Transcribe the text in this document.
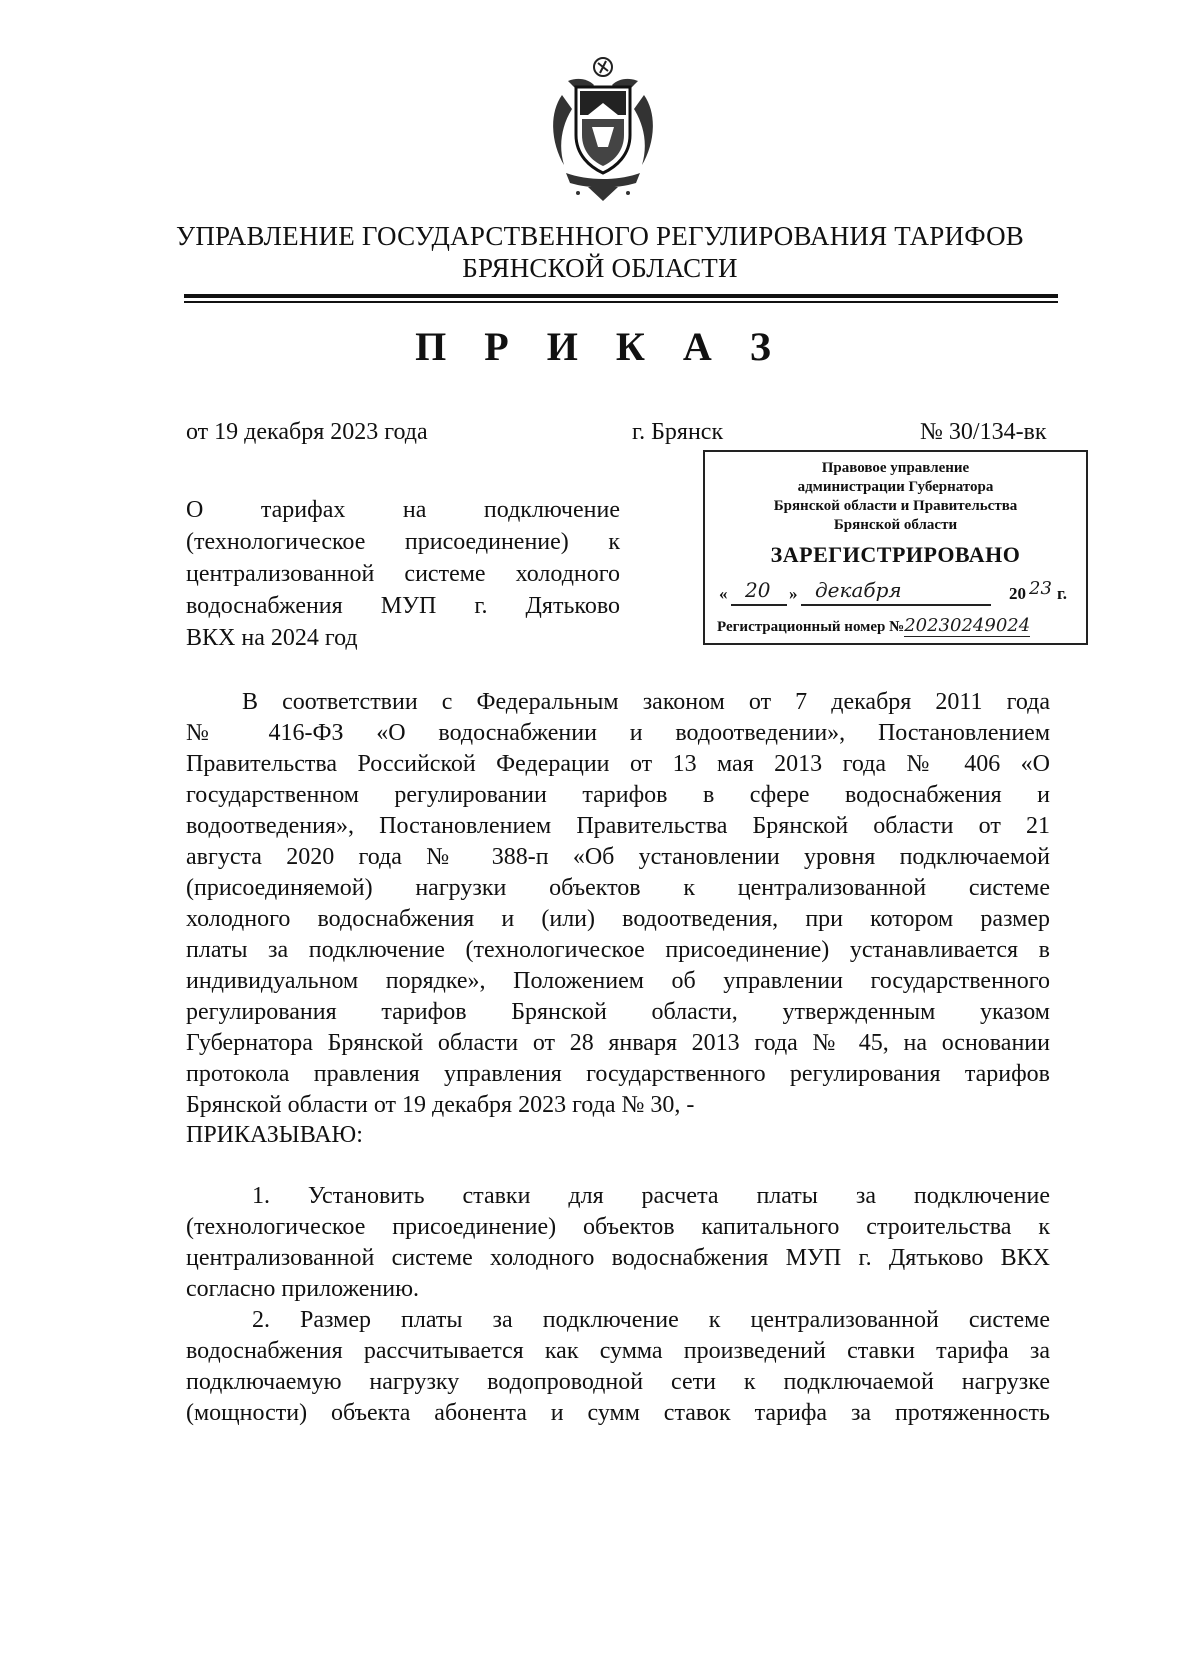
УПРАВЛЕНИЕ ГОСУДАРСТВЕННОГО РЕГУЛИРОВАНИЯ ТАРИФОВ
БРЯНСКОЙ ОБЛАСТИ
П Р И К А З
от 19 декабря 2023 года	г. Брянск	№ 30/134-вк
О тарифах на подключение
(технологическое присоединение) к
централизованной системе холодного
водоснабжения МУП г. Дятьково
ВКХ на 2024 год
Правовое управление
администрации Губернатора
Брянской области и Правительства
Брянской области
ЗАРЕГИСТРИРОВАНО
« 20 » декабря	20 23 г.
Регистрационный номер №20230249024
В соответствии с Федеральным законом от 7 декабря 2011 года
№ 416-ФЗ «О водоснабжении и водоотведении», Постановлением
Правительства Российской Федерации от 13 мая 2013 года № 406 «О
государственном регулировании тарифов в сфере водоснабжения и
водоотведения», Постановлением Правительства Брянской области от 21
августа 2020 года № 388-п «Об установлении уровня подключаемой
(присоединяемой) нагрузки объектов к централизованной системе
холодного водоснабжения и (или) водоотведения, при котором размер
платы за подключение (технологическое присоединение) устанавливается в
индивидуальном порядке», Положением об управлении государственного
регулирования тарифов Брянской области, утвержденным указом
Губернатора Брянской области от 28 января 2013 года № 45, на основании
протокола правления управления государственного регулирования тарифов
Брянской области от 19 декабря 2023 года № 30, -
ПРИКАЗЫВАЮ:
1. Установить ставки для расчета платы за подключение
(технологическое присоединение) объектов капитального строительства к
централизованной системе холодного водоснабжения МУП г. Дятьково ВКХ
согласно приложению.
2. Размер платы за подключение к централизованной системе
водоснабжения рассчитывается как сумма произведений ставки тарифа за
подключаемую нагрузку водопроводной сети к подключаемой нагрузке
(мощности) объекта абонента и сумм ставок тарифа за протяженность
